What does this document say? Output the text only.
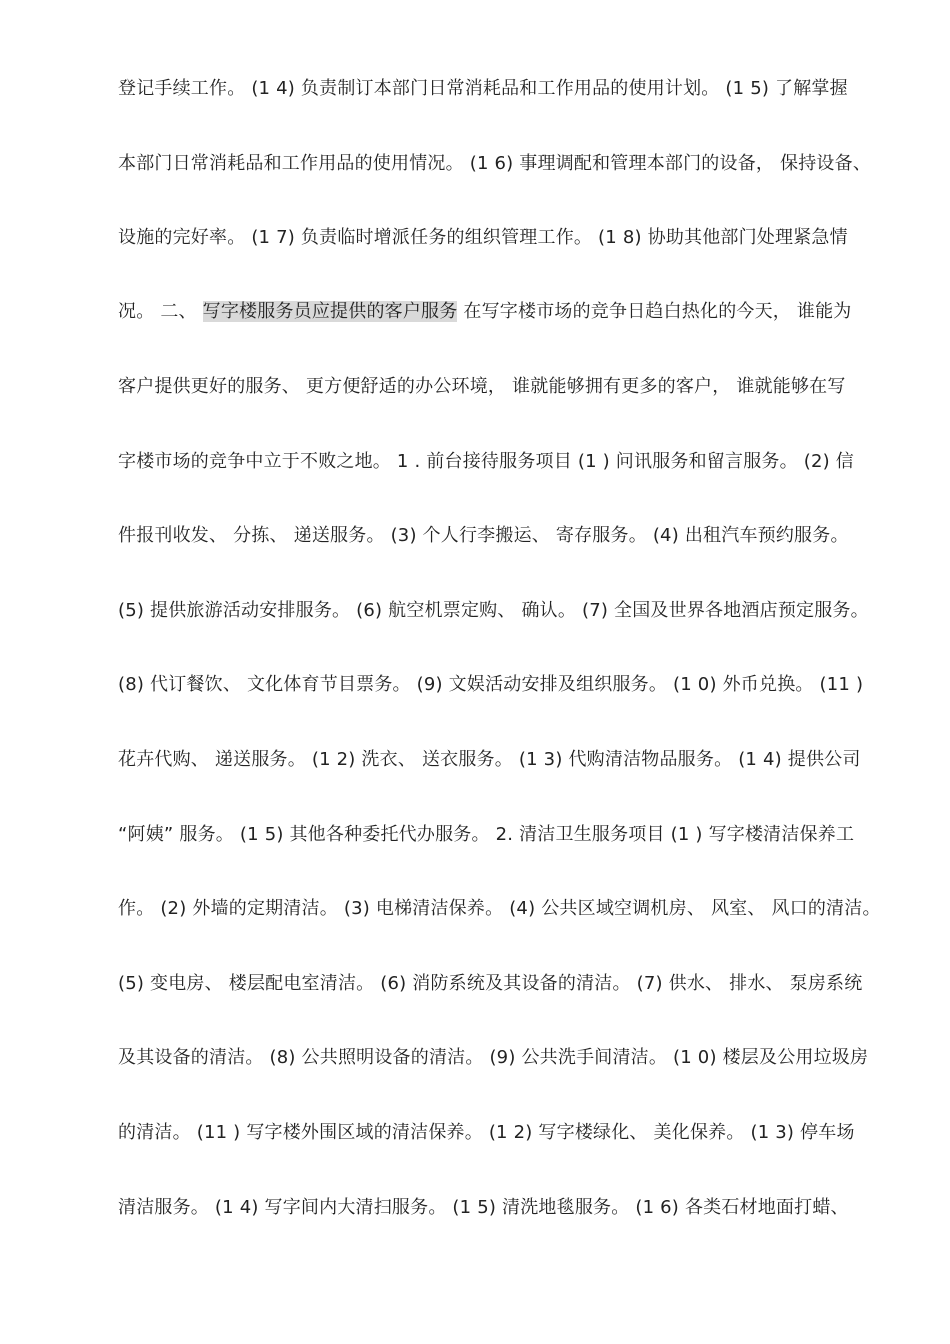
登记手续工作。 (1 4) 负责制订本部门日常消耗品和工作用品的使用计划。 (1 5) 了解掌握
本部门日常消耗品和工作用品的使用情况。 (1 6) 事理调配和管理本部门的设备， 保持设备、
设施的完好率。 (1 7) 负责临时增派任务的组织管理工作。 (1 8) 协助其他部门处理紧急情
况。 二、 写字楼服务员应提供的客户服务 在写字楼市场的竞争日趋白热化的今天， 谁能为
客户提供更好的服务、 更方便舒适的办公环境， 谁就能够拥有更多的客户， 谁就能够在写
字楼市场的竞争中立于不败之地。 1 . 前台接待服务项目 (1 ) 问讯服务和留言服务。 (2) 信
件报刊收发、 分拣、 递送服务。 (3) 个人行李搬运、 寄存服务。 (4) 出租汽车预约服务。
(5) 提供旅游活动安排服务。 (6) 航空机票定购、 确认。 (7) 全国及世界各地酒店预定服务。
(8) 代订餐饮、 文化体育节目票务。 (9) 文娱活动安排及组织服务。 (1 0) 外币兑换。 (11 )
花卉代购、 递送服务。 (1 2) 洗衣、 送衣服务。 (1 3) 代购清洁物品服务。 (1 4) 提供公司
“阿姨” 服务。 (1 5) 其他各种委托代办服务。 2. 清洁卫生服务项目 (1 ) 写字楼清洁保养工
作。 (2) 外墙的定期清洁。 (3) 电梯清洁保养。 (4) 公共区域空调机房、 风室、 风口的清洁。
(5) 变电房、 楼层配电室清洁。 (6) 消防系统及其设备的清洁。 (7) 供水、 排水、 泵房系统
及其设备的清洁。 (8) 公共照明设备的清洁。 (9) 公共洗手间清洁。 (1 0) 楼层及公用垃圾房
的清洁。 (11 ) 写字楼外围区域的清洁保养。 (1 2) 写字楼绿化、 美化保养。 (1 3) 停车场
清洁服务。 (1 4) 写字间内大清扫服务。 (1 5) 清洗地毯服务。 (1 6) 各类石材地面打蜡、
